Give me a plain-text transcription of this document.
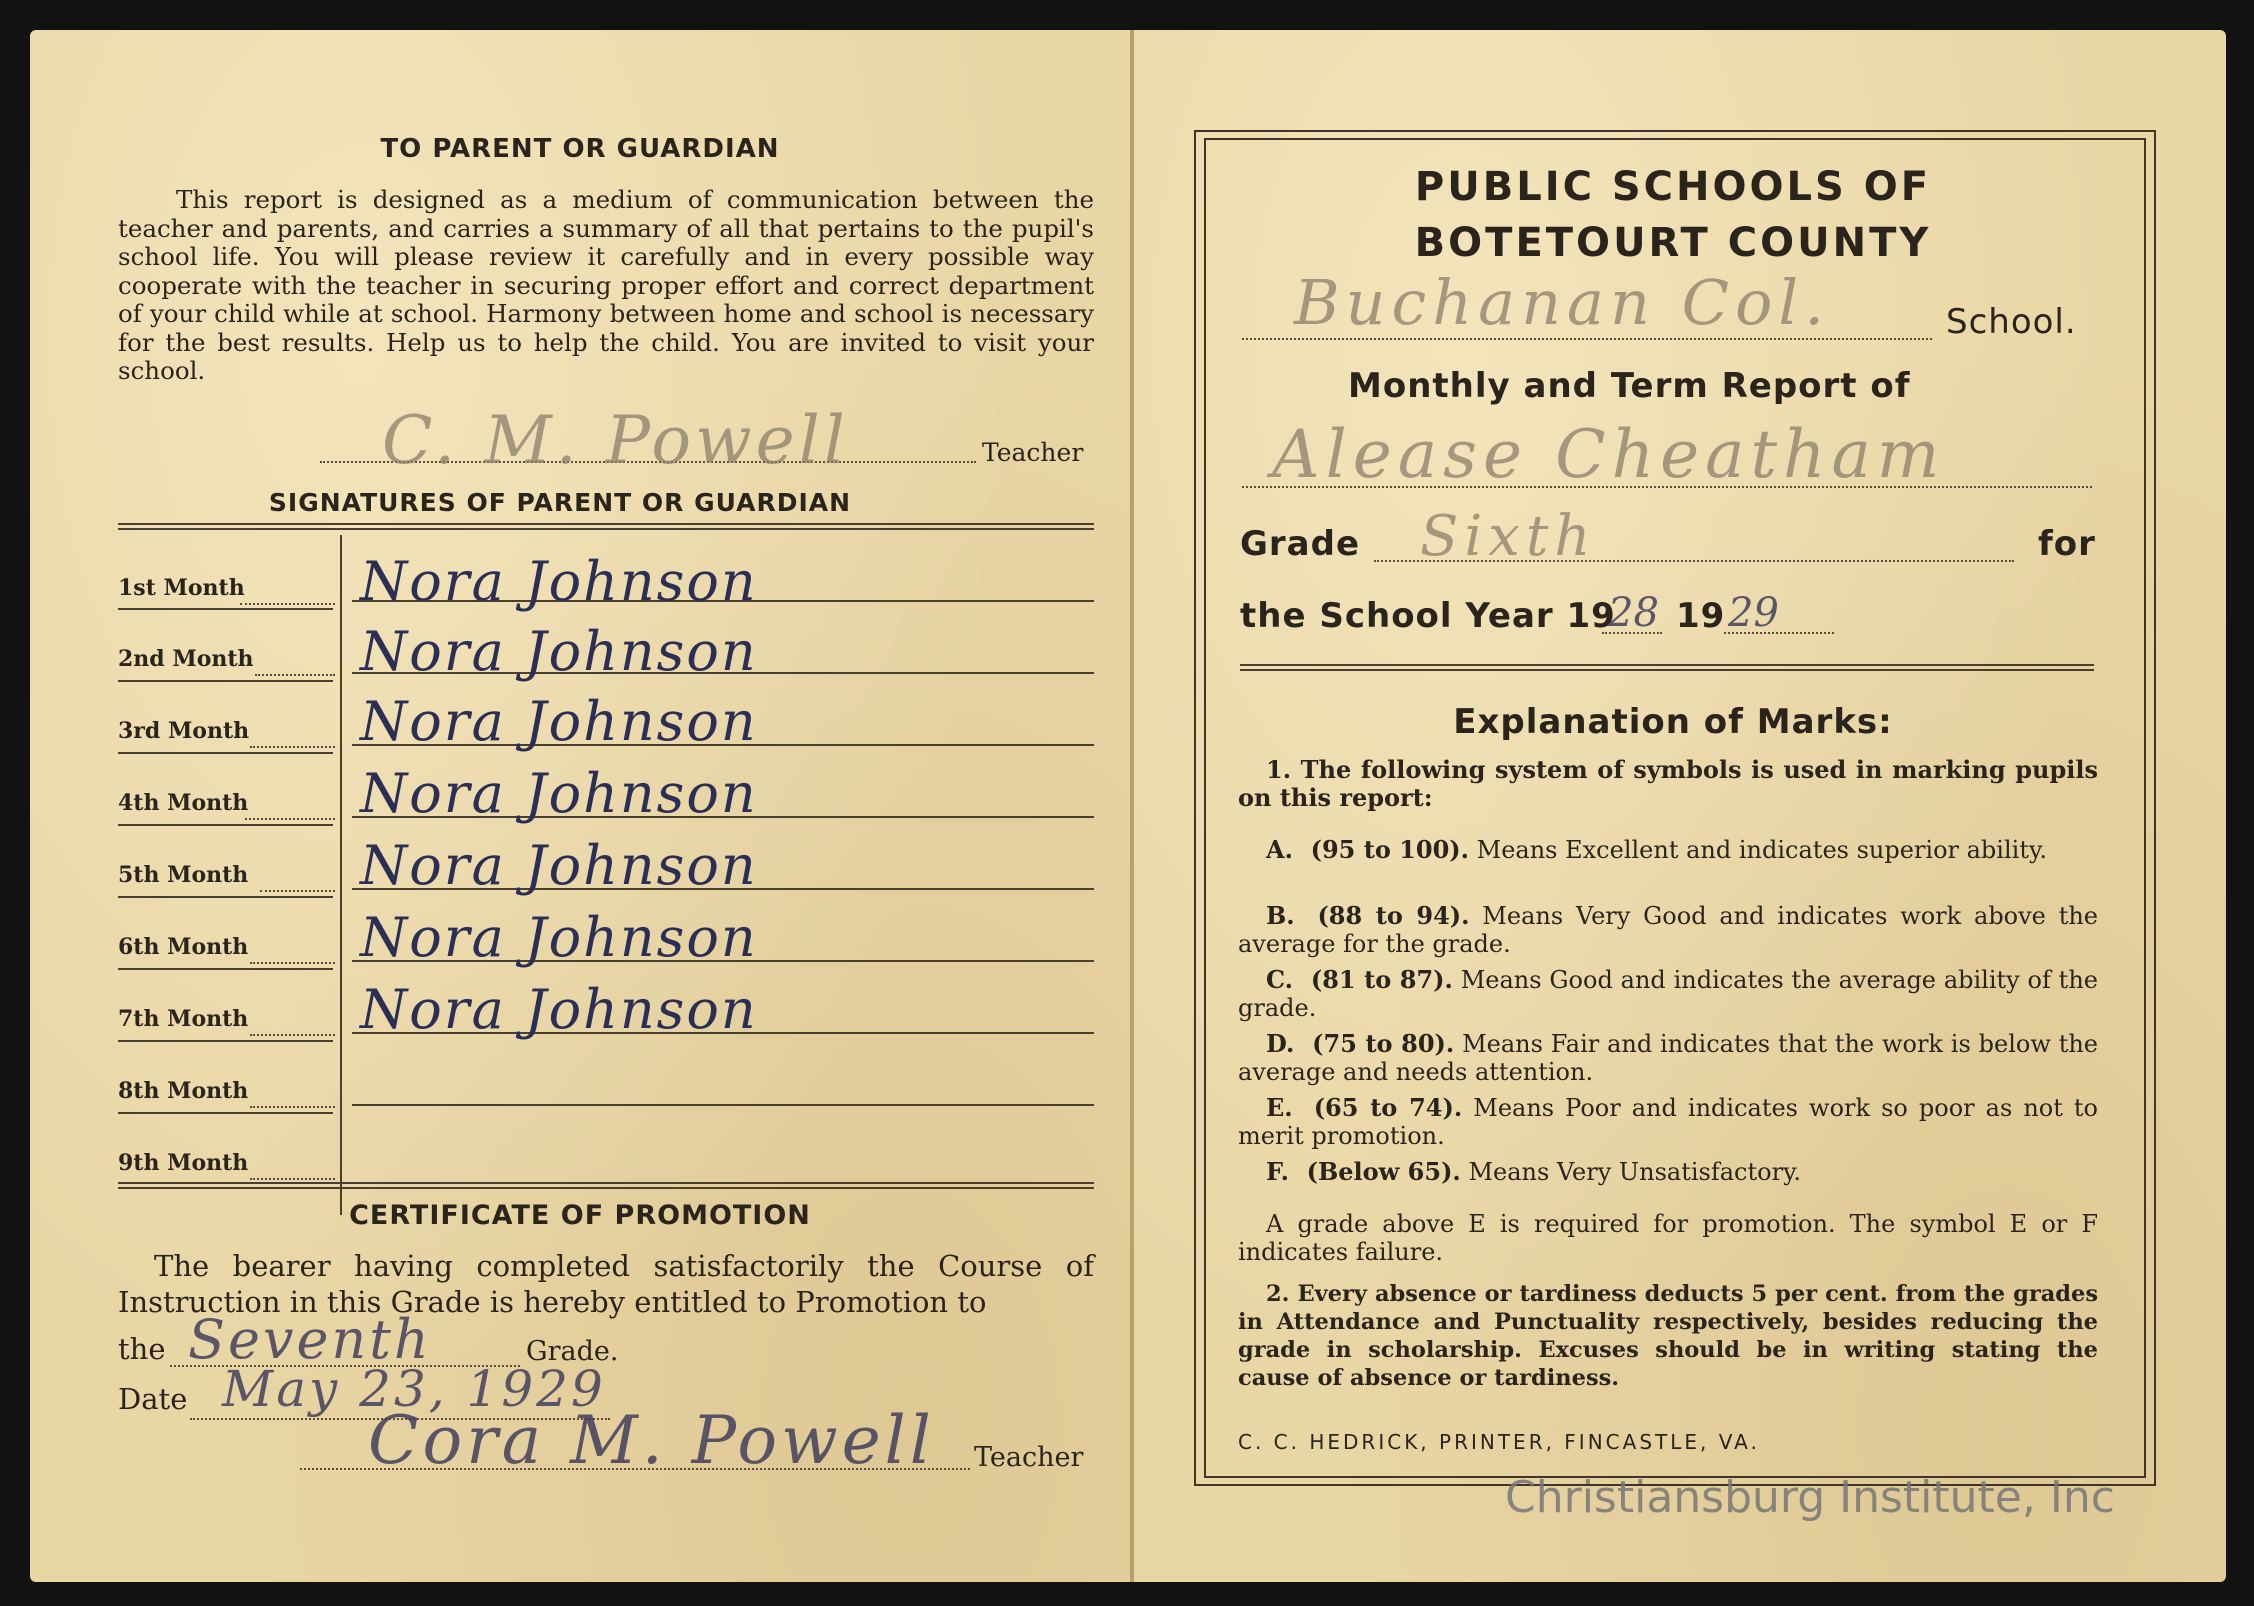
TO PARENT OR GUARDIAN
This report is designed as a medium of communication between the teacher and parents, and carries a summary of all that pertains to the pupil's school life. You will please review it carefully and in every possible way cooperate with the teacher in securing proper effort and correct department of your child while at school. Harmony between home and school is necessary for the best results. Help us to help the child. You are invited to visit your school.
C. M. Powell	Teacher
SIGNATURES OF PARENT OR GUARDIAN
1st Month Nora Johnson
2nd Month Nora Johnson
3rd Month Nora Johnson
4th Month Nora Johnson
5th Month Nora Johnson
6th Month Nora Johnson
7th Month Nora Johnson
8th Month
9th Month
CERTIFICATE OF PROMOTION
The bearer having completed satisfactorily the Course of Instruction in this Grade is hereby entitled to Promotion to
the Seventh	Grade.
Date May 23, 1929
Cora M. Powell Teacher
PUBLIC SCHOOLS OF
BOTETOURT COUNTY
Buchanan Col.	School.
Monthly and Term Report of
Alease Cheatham
Grade Sixth	for
the School Year 19
28 19 29
Explanation of Marks:
1. The following system of symbols is used in marking pupils on this report:
A. (95 to 100). Means Excellent and indicates superior ability.
B. (88 to 94). Means Very Good and indicates work above the average for the grade.
C. (81 to 87). Means Good and indicates the average ability of the grade.
D. (75 to 80). Means Fair and indicates that the work is below the average and needs attention.
E. (65 to 74). Means Poor and indicates work so poor as not to merit promotion.
F. (Below 65). Means Very Unsatisfactory.
A grade above E is required for promotion. The symbol E or F indicates failure.
2. Every absence or tardiness deducts 5 per cent. from the grades in Attendance and Punctuality respectively, besides reducing the grade in scholarship. Excuses should be in writing stating the cause of absence or tardiness.
C. C. HEDRICK, PRINTER, FINCASTLE, VA.
Christiansburg Institute, Inc
